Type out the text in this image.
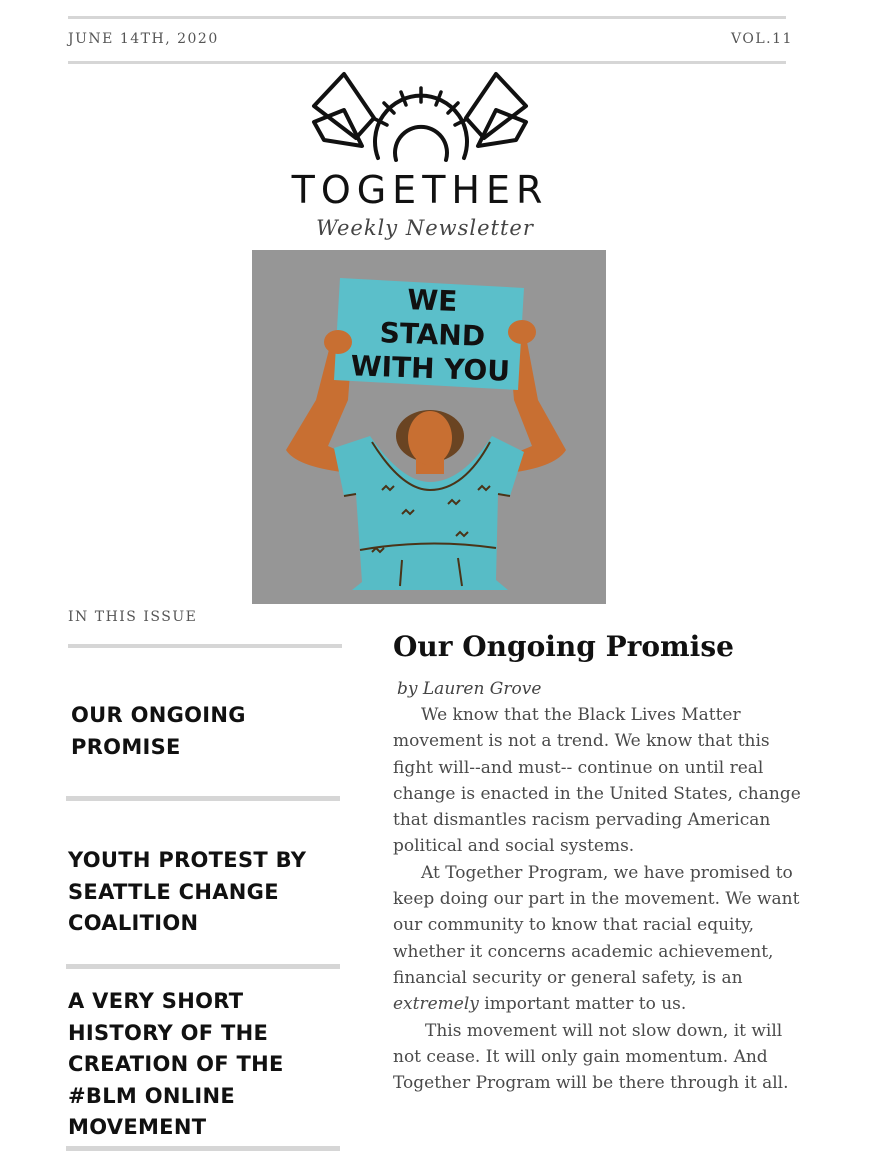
JUNE 14TH, 2020	VOL.11
TOGETHER
Weekly Newsletter
WE
STAND
WITH YOU
IN THIS ISSUE
OUR ONGOING
PROMISE
YOUTH PROTEST BY
SEATTLE CHANGE
COALITION
A VERY SHORT
HISTORY OF THE
CREATION OF THE
#BLM ONLINE
MOVEMENT
Our Ongoing Promise
by Lauren Grove

We know that the Black Lives Matter movement is not a trend. We know that this fight will--and must-- continue on until real change is enacted in the United States, change that dismantles racism pervading American political and social systems.

At Together Program, we have promised to keep doing our part in the movement. We want our community to know that racial equity, whether it concerns academic achievement, financial security or general safety, is an extremely important matter to us.

This movement will not slow down, it will not cease. It will only gain momentum. And Together Program will be there through it all.
